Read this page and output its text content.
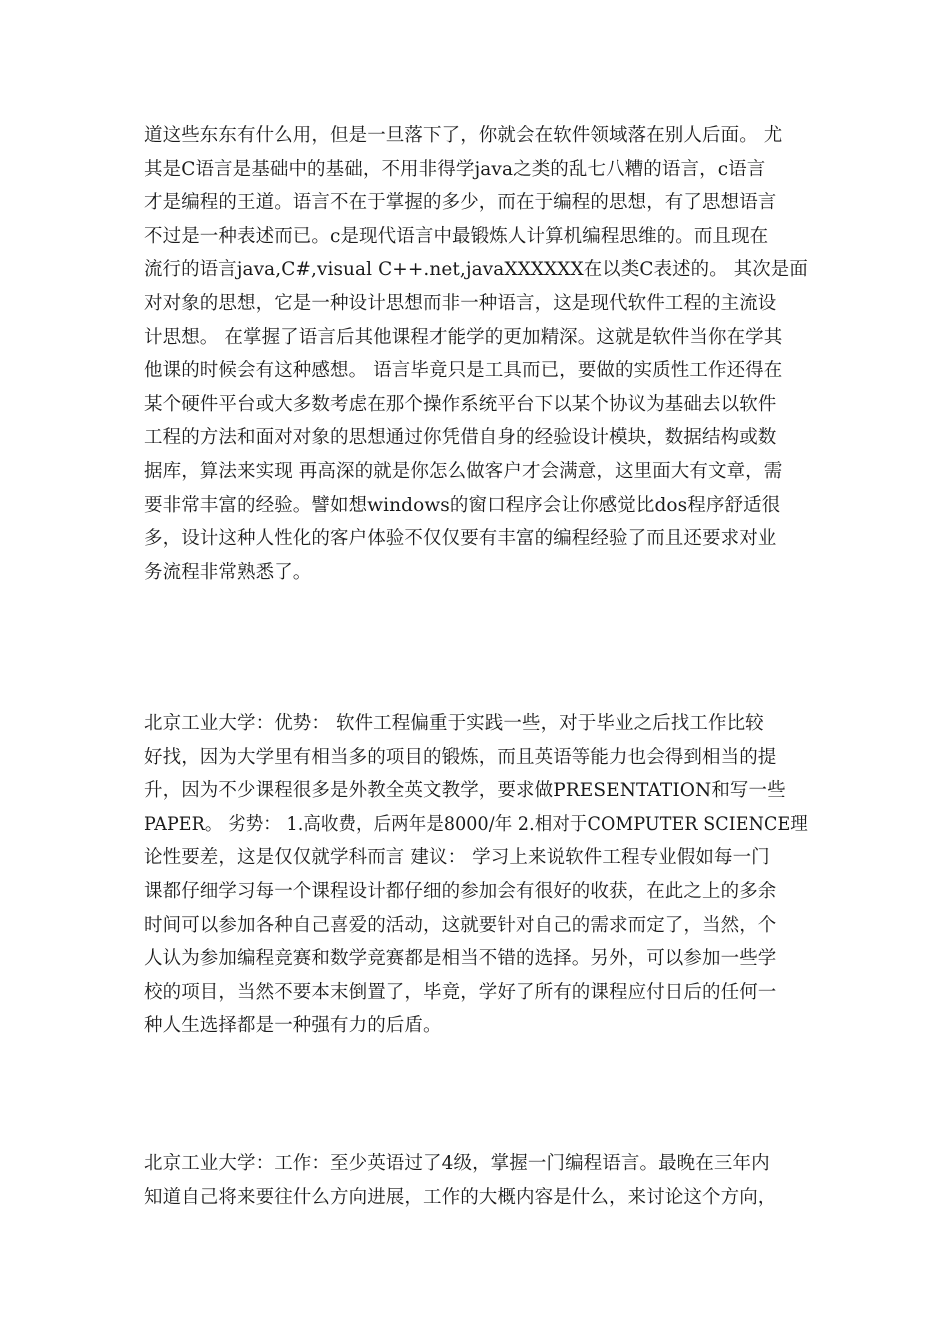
道这些东东有什么用，但是一旦落下了，你就会在软件领域落在别人后面。 尤
其是C语言是基础中的基础，不用非得学java之类的乱七八糟的语言，c语言
才是编程的王道。语言不在于掌握的多少，而在于编程的思想，有了思想语言
不过是一种表述而已。c是现代语言中最锻炼人计算机编程思维的。而且现在
流行的语言java,C#,visual C++.net,javaXXXXXX在以类C表述的。 其次是面
对对象的思想，它是一种设计思想而非一种语言，这是现代软件工程的主流设
计思想。 在掌握了语言后其他课程才能学的更加精深。这就是软件当你在学其
他课的时候会有这种感想。 语言毕竟只是工具而已，要做的实质性工作还得在
某个硬件平台或大多数考虑在那个操作系统平台下以某个协议为基础去以软件
工程的方法和面对对象的思想通过你凭借自身的经验设计模块，数据结构或数
据库，算法来实现 再高深的就是你怎么做客户才会满意，这里面大有文章，需
要非常丰富的经验。譬如想windows的窗口程序会让你感觉比dos程序舒适很
多，设计这种人性化的客户体验不仅仅要有丰富的编程经验了而且还要求对业
务流程非常熟悉了。
北京工业大学：优势： 软件工程偏重于实践一些，对于毕业之后找工作比较
好找，因为大学里有相当多的项目的锻炼，而且英语等能力也会得到相当的提
升，因为不少课程很多是外教全英文教学，要求做PRESENTATION和写一些
PAPER。 劣势： 1.高收费，后两年是8000/年 2.相对于COMPUTER SCIENCE理
论性要差，这是仅仅就学科而言 建议： 学习上来说软件工程专业假如每一门
课都仔细学习每一个课程设计都仔细的参加会有很好的收获，在此之上的多余
时间可以参加各种自己喜爱的活动，这就要针对自己的需求而定了，当然，个
人认为参加编程竞赛和数学竞赛都是相当不错的选择。另外，可以参加一些学
校的项目，当然不要本末倒置了，毕竟，学好了所有的课程应付日后的任何一
种人生选择都是一种强有力的后盾。
北京工业大学：工作：至少英语过了4级，掌握一门编程语言。最晚在三年内
知道自己将来要往什么方向进展，工作的大概内容是什么，来讨论这个方向，
